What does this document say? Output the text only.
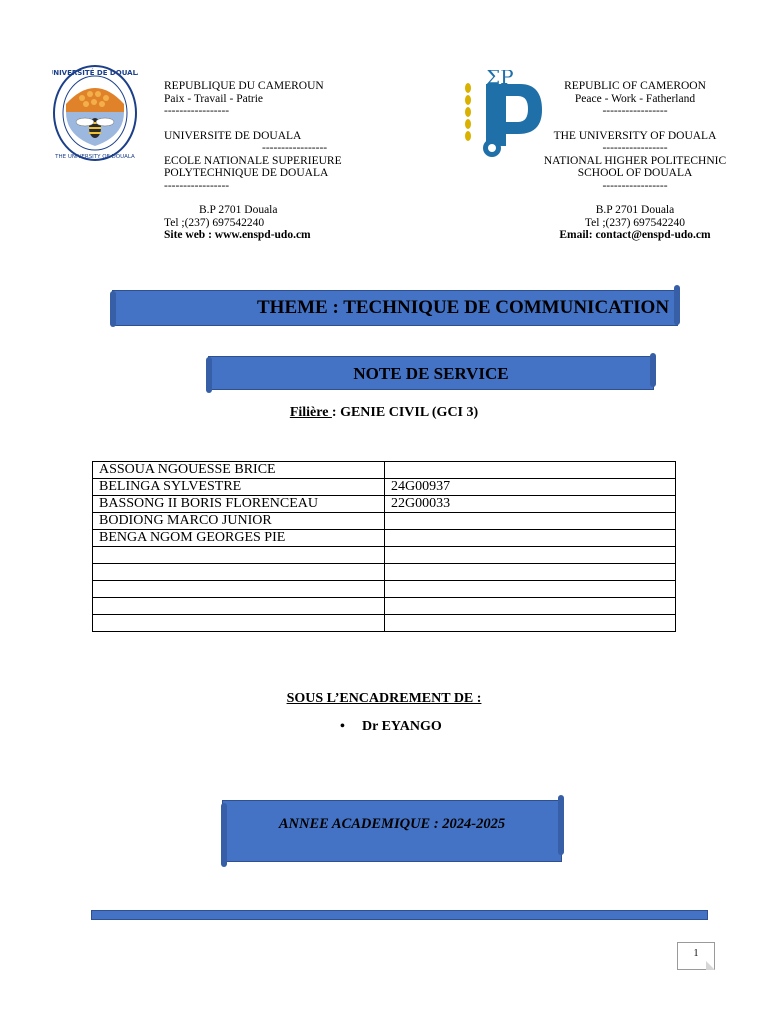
UNIVERSITÉ DE DOUALA
THE UNIVERSITY OF DOUALA
REPUBLIQUE DU CAMEROUN
Paix - Travail - Patrie
-----------------
UNIVERSITE DE DOUALA
-----------------
ECOLE NATIONALE SUPERIEURE
POLYTECHNIQUE DE DOUALA
-----------------
B.P 2701 Douala
Tel ;(237) 697542240
Site web : www.enspd-udo.cm
ΣP	REPUBLIC OF CAMEROON
Peace - Work - Fatherland
-----------------
THE UNIVERSITY OF DOUALA
-----------------
NATIONAL HIGHER POLITECHNIC
SCHOOL OF DOUALA
-----------------
B.P 2701 Douala
Tel ;(237) 697542240
Email: contact@enspd-udo.cm
THEME : TECHNIQUE DE COMMUNICATION
NOTE DE SERVICE
Filière : GENIE CIVIL (GCI 3)
ASSOUA NGOUESSE BRICE	
BELINGA SYLVESTRE	24G00937
BASSONG II BORIS FLORENCEAU	22G00033
BODIONG MARCO JUNIOR	
BENGA NGOM GEORGES PIE	

SOUS L’ENCADREMENT DE :
• Dr EYANGO
ANNEE ACADEMIQUE : 2024-2025
1
